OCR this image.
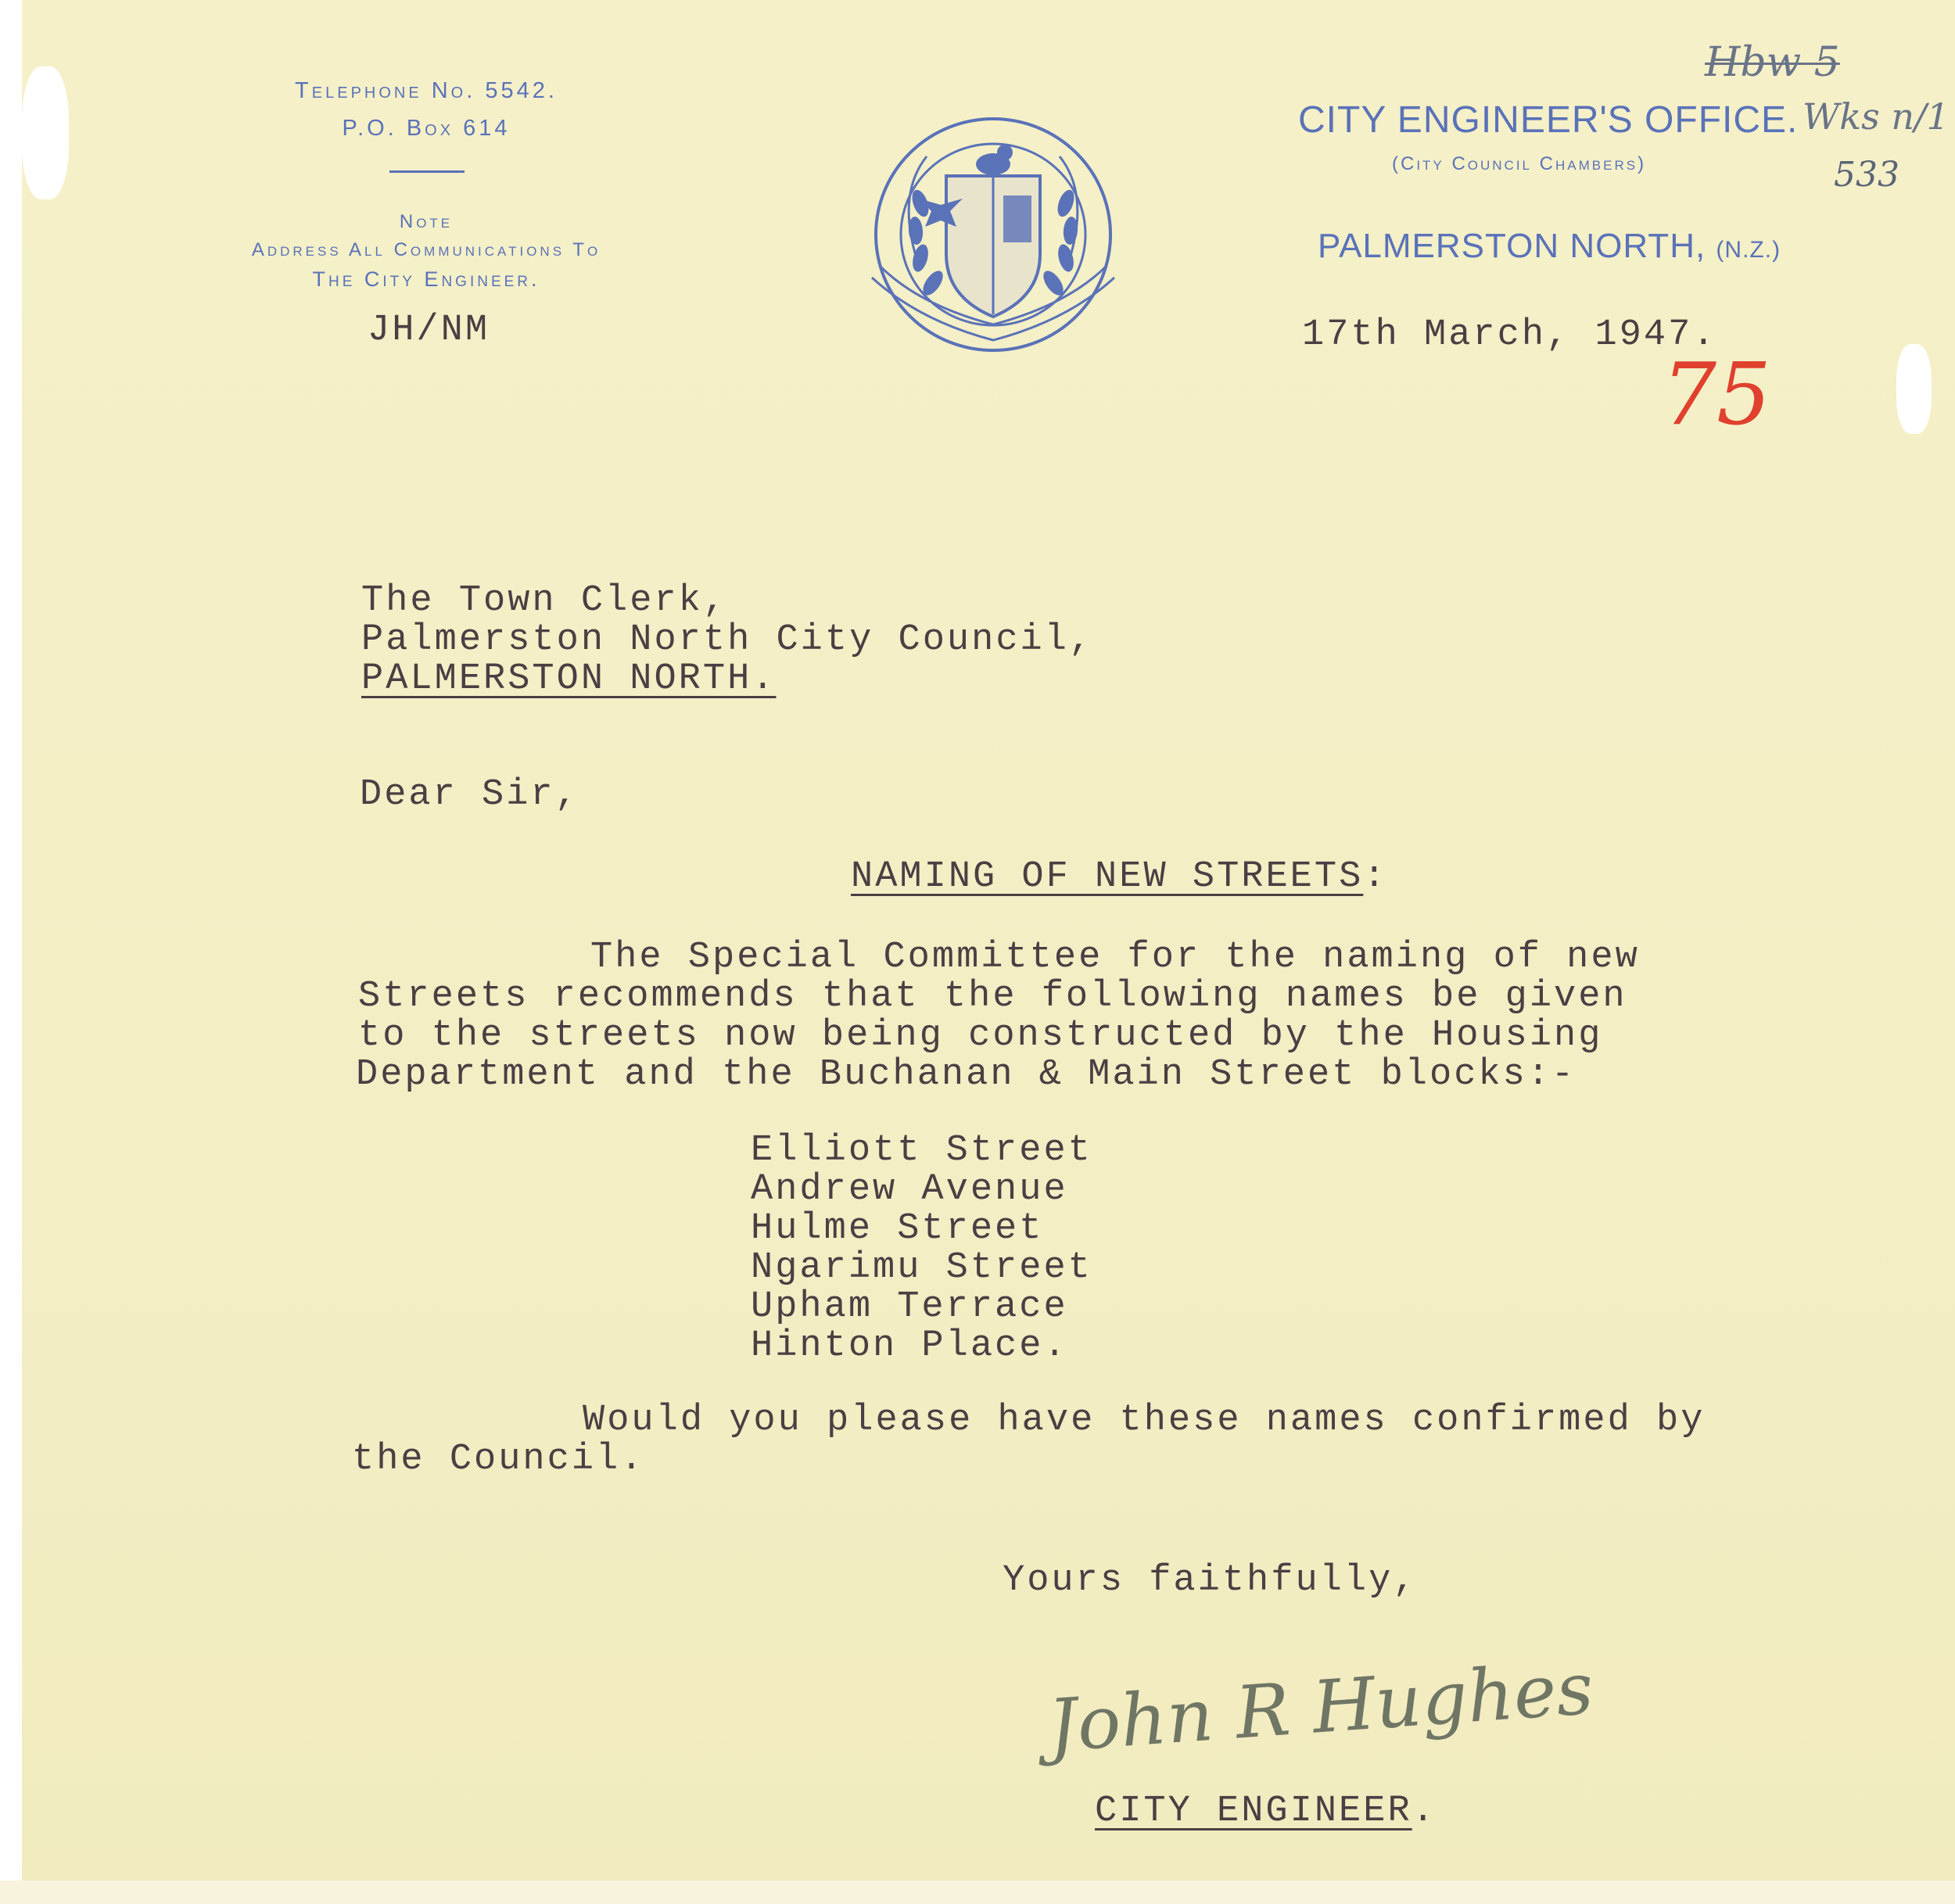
Telephone No. 5542.
P.O. Box 614
Note
Address All Communications To
The City Engineer.
CITY ENGINEER'S OFFICE.
(City Council Chambers)
PALMERSTON NORTH, (N.Z.)
Hbw 5
Wks n/1
533
75
JH/NM	17th March, 1947.
The Town Clerk,
Palmerston North City Council,
PALMERSTON NORTH.
Dear Sir,
NAMING OF NEW STREETS:
The Special Committee for the naming of new
Streets recommends that the following names be given
to the streets now being constructed by the Housing
Department and the Buchanan & Main Street blocks:-
Elliott Street
Andrew Avenue
Hulme Street
Ngarimu Street
Upham Terrace
Hinton Place.
Would you please have these names confirmed by
the Council.
Yours faithfully,
John R Hughes
CITY ENGINEER.
